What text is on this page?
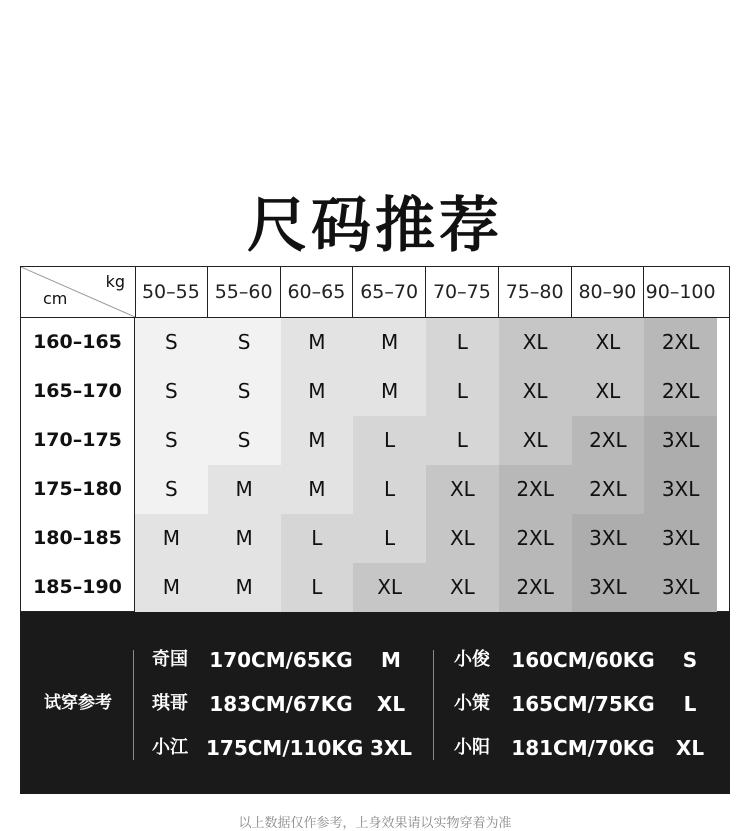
尺码推荐
kg
cm	50–55 55–60 60–65 65–70 70–75 75–80 80–90 90–100
160–165	S	S	M	M	L	XL	XL	2XL
165–170	S	S	M	M	L	XL	XL	2XL
170–175	S	S	M	L	L	XL	2XL	3XL
175–180	S	M	M	L	XL	2XL	2XL	3XL
180–185	M	M	L	L	XL	2XL	3XL	3XL
185–190	M	M	L	XL	XL	2XL	3XL	3XL
试穿参考
奇国	170CM/65KG	M
琪哥	183CM/67KG	XL
小江 175CM/110KG 3XL
小俊	160CM/60KG	S
小策	165CM/75KG	L
小阳	181CM/70KG	XL
以上数据仅作参考，上身效果请以实物穿着为准
